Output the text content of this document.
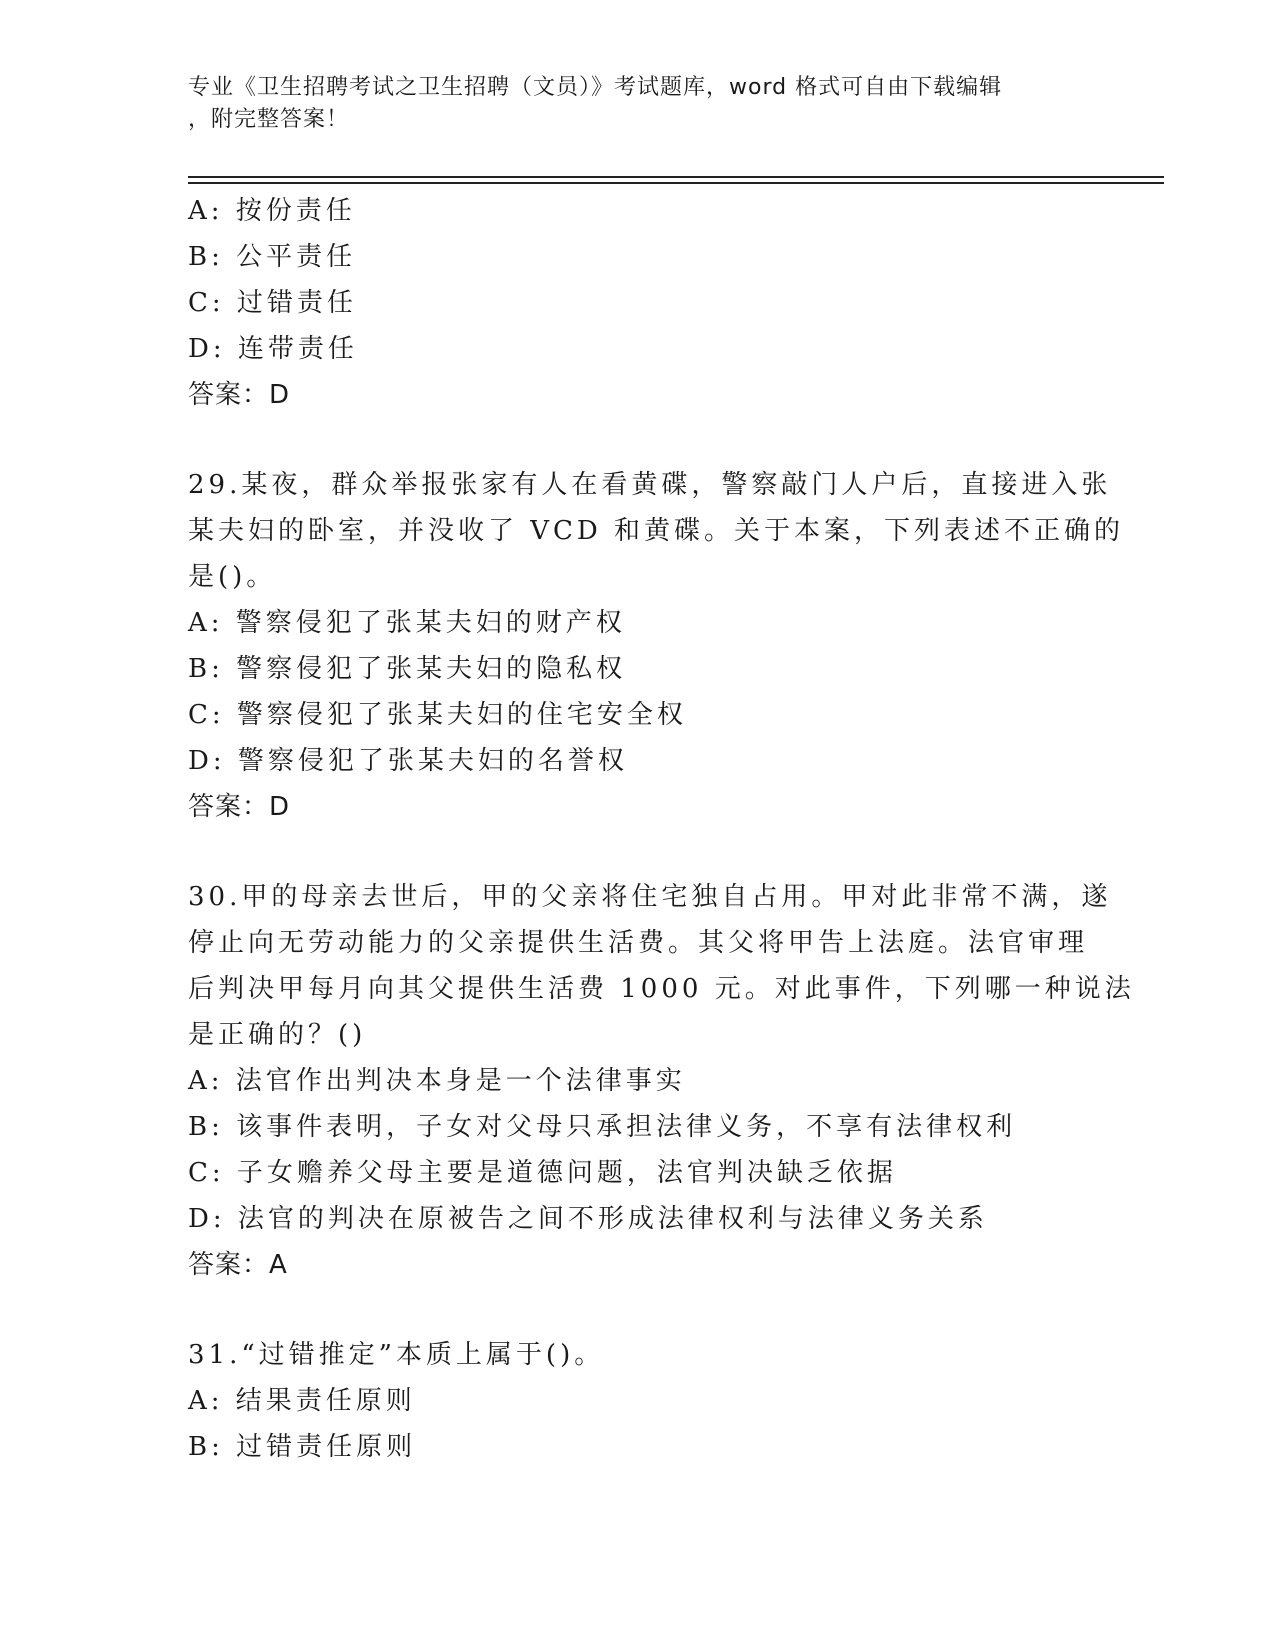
专业《卫生招聘考试之卫生招聘（文员）》考试题库，word 格式可自由下载编辑
，附完整答案！
A: 按份责任
B: 公平责任
C: 过错责任
D: 连带责任
答案：D
29.某夜，群众举报张家有人在看黄碟，警察敲门人户后，直接进入张
某夫妇的卧室，并没收了 VCD 和黄碟。关于本案，下列表述不正确的
是()。
A: 警察侵犯了张某夫妇的财产权
B: 警察侵犯了张某夫妇的隐私权
C: 警察侵犯了张某夫妇的住宅安全权
D: 警察侵犯了张某夫妇的名誉权
答案：D
30.甲的母亲去世后，甲的父亲将住宅独自占用。甲对此非常不满，遂
停止向无劳动能力的父亲提供生活费。其父将甲告上法庭。法官审理
后判决甲每月向其父提供生活费 1000 元。对此事件，下列哪一种说法
是正确的？()
A: 法官作出判决本身是一个法律事实
B: 该事件表明，子女对父母只承担法律义务，不享有法律权利
C: 子女赡养父母主要是道德问题，法官判决缺乏依据
D: 法官的判决在原被告之间不形成法律权利与法律义务关系
答案：A
31.“过错推定”本质上属于()。
A: 结果责任原则
B: 过错责任原则
